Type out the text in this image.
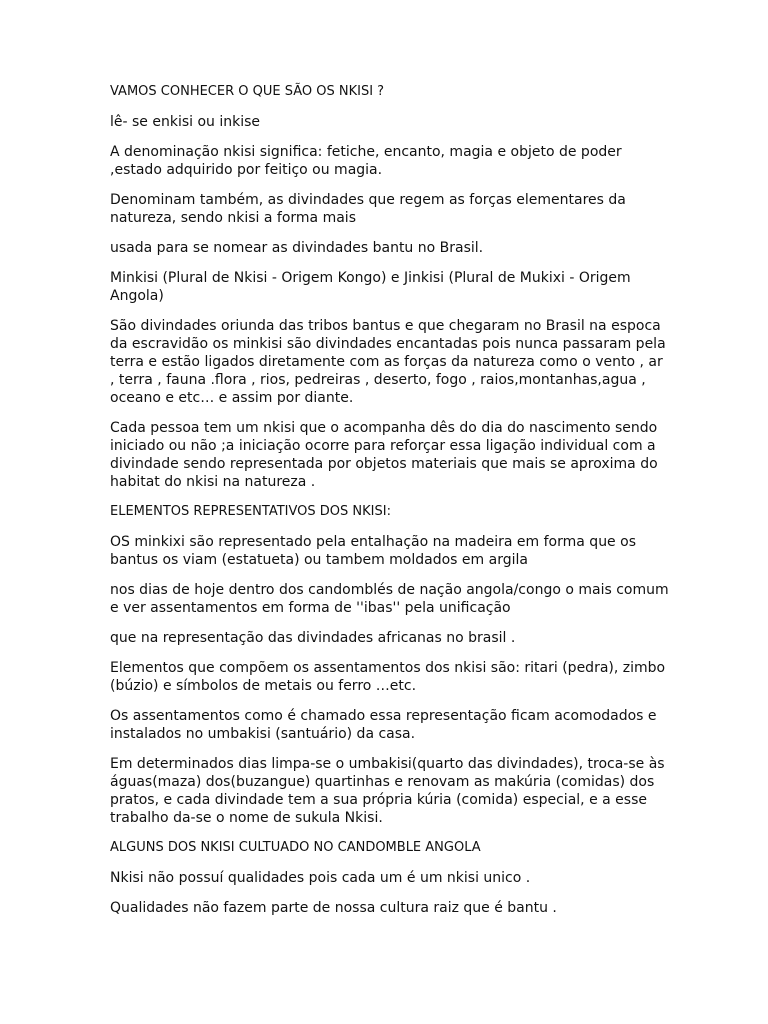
VAMOS CONHECER O QUE SÃO OS NKISI ?

lê- se enkisi ou inkise

A denominação nkisi significa: fetiche, encanto, magia e objeto de poder ,estado adquirido por feitiço ou magia.

Denominam também, as divindades que regem as forças elementares da natureza, sendo nkisi a forma mais

usada para se nomear as divindades bantu no Brasil.

Minkisi (Plural de Nkisi - Origem Kongo) e Jinkisi (Plural de Mukixi - Origem Angola)

São divindades oriunda das tribos bantus e que chegaram no Brasil na espoca da escravidão os minkisi são divindades encantadas pois nunca passaram pela terra e estão ligados diretamente com as forças da natureza como o vento , ar , terra , fauna .flora , rios, pedreiras , deserto, fogo , raios,montanhas,agua , oceano e etc… e assim por diante.

Cada pessoa tem um nkisi que o acompanha dês do dia do nascimento sendo iniciado ou não ;a iniciação ocorre para reforçar essa ligação individual com a divindade sendo representada por objetos materiais que mais se aproxima do habitat do nkisi na natureza .

ELEMENTOS REPRESENTATIVOS DOS NKISI:

OS minkixi são representado pela entalhação na madeira em forma que os bantus os viam (estatueta) ou tambem moldados em argila

nos dias de hoje dentro dos candomblés de nação angola/congo o mais comum e ver assentamentos em forma de ''ibas'' pela unificação

que na representação das divindades africanas no brasil .

Elementos que compõem os assentamentos dos nkisi são: ritari (pedra), zimbo (búzio) e símbolos de metais ou ferro …etc.

Os assentamentos como é chamado essa representação ficam acomodados e instalados no umbakisi (santuário) da casa.

Em determinados dias limpa-se o umbakisi(quarto das divindades), troca-se às águas(maza) dos(buzangue) quartinhas e renovam as makúria (comidas) dos pratos, e cada divindade tem a sua própria kúria (comida) especial, e a esse trabalho da-se o nome de sukula Nkisi.

ALGUNS DOS NKISI CULTUADO NO CANDOMBLE ANGOLA

Nkisi não possuí qualidades pois cada um é um nkisi unico .

Qualidades não fazem parte de nossa cultura raiz que é bantu .
